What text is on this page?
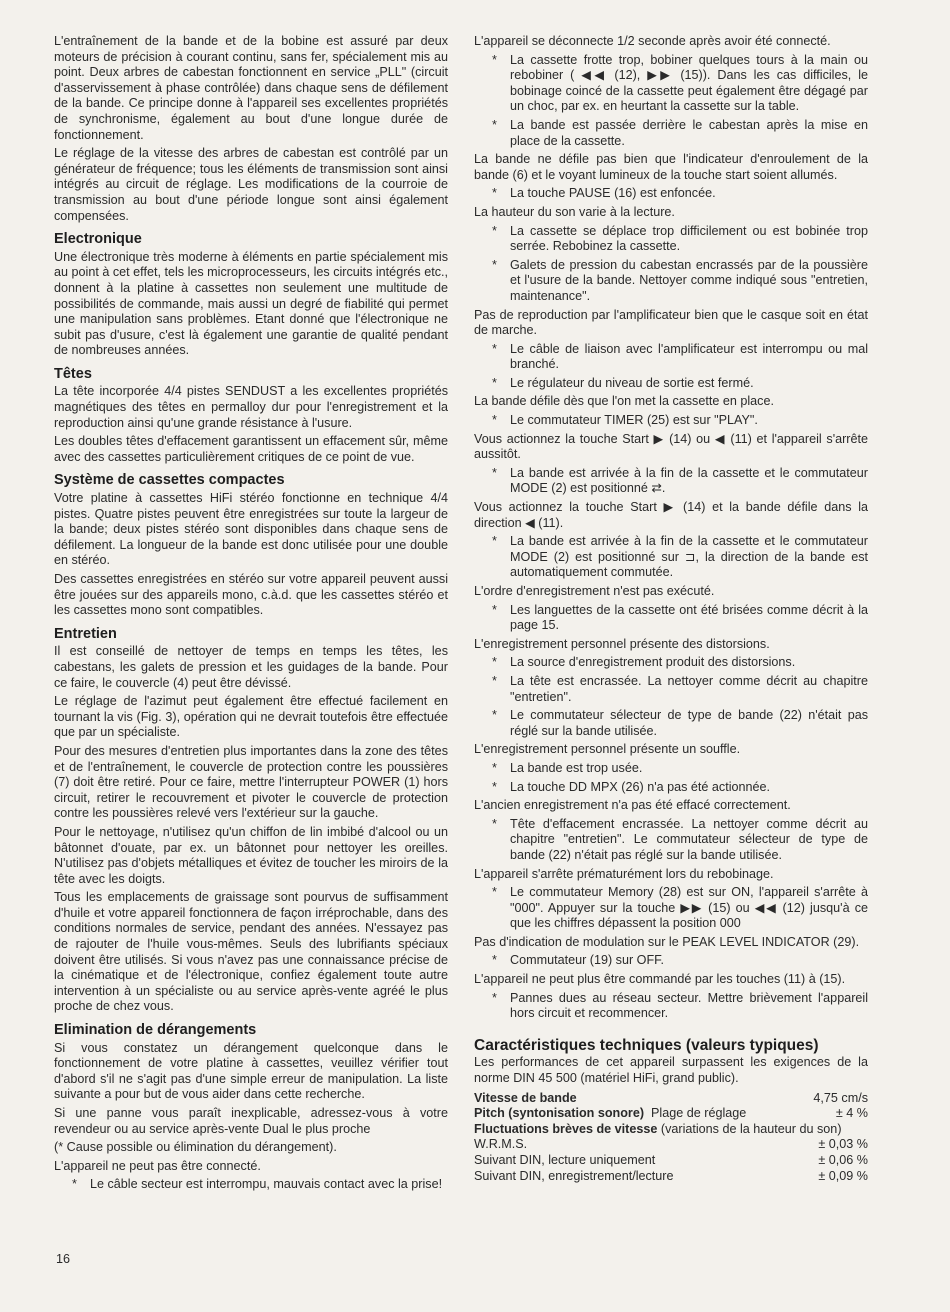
L'entraînement de la bande et de la bobine est assuré par deux moteurs de précision à courant continu, sans fer, spécialement mis au point. Deux arbres de cabestan fonctionnent en service „PLL" (circuit d'asservissement à phase contrôlée) dans chaque sens de défilement de la bande. Ce principe donne à l'appareil ses excellentes propriétés de synchronisme, également au bout d'une longue durée de fonctionnement.

Le réglage de la vitesse des arbres de cabestan est contrôlé par un générateur de fréquence; tous les éléments de transmission sont ainsi intégrés au circuit de réglage. Les modifications de la courroie de transmission au bout d'une période longue sont ainsi également compensées.

Electronique

Une électronique très moderne à éléments en partie spécialement mis au point à cet effet, tels les microprocesseurs, les circuits intégrés etc., donnent à la platine à cassettes non seulement une multitude de possibilités de commande, mais aussi un degré de fiabilité qui permet une manipulation sans problèmes. Etant donné que l'électronique ne subit pas d'usure, c'est là également une garantie de qualité pendant de nombreuses années.

Têtes

La tête incorporée 4/4 pistes SENDUST a les excellentes propriétés magnétiques des têtes en permalloy dur pour l'enregistrement et la reproduction ainsi qu'une grande résistance à l'usure.

Les doubles têtes d'effacement garantissent un effacement sûr, même avec des cassettes particulièrement critiques de ce point de vue.

Système de cassettes compactes

Votre platine à cassettes HiFi stéréo fonctionne en technique 4/4 pistes. Quatre pistes peuvent être enregistrées sur toute la largeur de la bande; deux pistes stéréo sont disponibles dans chaque sens de défilement. La longueur de la bande est donc utilisée pour une double en stéréo.

Des cassettes enregistrées en stéréo sur votre appareil peuvent aussi être jouées sur des appareils mono, c.à.d. que les cassettes stéréo et les cassettes mono sont compatibles.

Entretien

Il est conseillé de nettoyer de temps en temps les têtes, les cabestans, les galets de pression et les guidages de la bande. Pour ce faire, le couvercle (4) peut être dévissé.

Le réglage de l'azimut peut également être effectué facilement en tournant la vis (Fig. 3), opération qui ne devrait toutefois être effectuée que par un spécialiste.

Pour des mesures d'entretien plus importantes dans la zone des têtes et de l'entraînement, le couvercle de protection contre les poussières (7) doit être retiré. Pour ce faire, mettre l'interrupteur POWER (1) hors circuit, retirer le recouvrement et pivoter le couvercle de protection contre les poussières relevé vers l'extérieur sur la gauche.

Pour le nettoyage, n'utilisez qu'un chiffon de lin imbibé d'alcool ou un bâtonnet d'ouate, par ex. un bâtonnet pour nettoyer les oreilles. N'utilisez pas d'objets métalliques et évitez de toucher les miroirs de la tête avec les doigts.

Tous les emplacements de graissage sont pourvus de suffisamment d'huile et votre appareil fonctionnera de façon irréprochable, dans des conditions normales de service, pendant des années. N'essayez pas de rajouter de l'huile vous-mêmes. Seuls des lubrifiants spéciaux doivent être utilisés. Si vous n'avez pas une connaissance précise de la cinématique et de l'électronique, confiez également toute autre intervention à un spécialiste ou au service après-vente agréé le plus proche de chez vous.

Elimination de dérangements

Si vous constatez un dérangement quelconque dans le fonctionnement de votre platine à cassettes, veuillez vérifier tout d'abord s'il ne s'agit pas d'une simple erreur de manipulation. La liste suivante a pour but de vous aider dans cette recherche.

Si une panne vous paraît inexplicable, adressez-vous à votre revendeur ou au service après-vente Dual le plus proche

(* Cause possible ou élimination du dérangement).

L'appareil ne peut pas être connecté.

* Le câble secteur est interrompu, mauvais contact avec la prise!

L'appareil se déconnecte 1/2 seconde après avoir été connecté.

* La cassette frotte trop, bobiner quelques tours à la main ou rebobiner ( ◀◀ (12), ▶▶ (15)). Dans les cas difficiles, le bobinage coincé de la cassette peut également être dégagé par un choc, par ex. en heurtant la cassette sur la table.
* La bande est passée derrière le cabestan après la mise en place de la cassette.

La bande ne défile pas bien que l'indicateur d'enroulement de la bande (6) et le voyant lumineux de la touche start soient allumés.

* La touche PAUSE (16) est enfoncée.

La hauteur du son varie à la lecture.

* La cassette se déplace trop difficilement ou est bobinée trop serrée. Rebobinez la cassette.
* Galets de pression du cabestan encrassés par de la poussière et l'usure de la bande. Nettoyer comme indiqué sous "entretien, maintenance".

Pas de reproduction par l'amplificateur bien que le casque soit en état de marche.

* Le câble de liaison avec l'amplificateur est interrompu ou mal branché.
* Le régulateur du niveau de sortie est fermé.

La bande défile dès que l'on met la cassette en place.

* Le commutateur TIMER (25) est sur "PLAY".

Vous actionnez la touche Start ▶ (14) ou ◀ (11) et l'appareil s'arrête aussitôt.

* La bande est arrivée à la fin de la cassette et le commutateur MODE (2) est positionné ⇄.

Vous actionnez la touche Start ▶ (14) et la bande défile dans la direction ◀ (11).

* La bande est arrivée à la fin de la cassette et le commutateur MODE (2) est positionné sur ⊐, la direction de la bande est automatiquement commutée.

L'ordre d'enregistrement n'est pas exécuté.

* Les languettes de la cassette ont été brisées comme décrit à la page 15.

L'enregistrement personnel présente des distorsions.

* La source d'enregistrement produit des distorsions.
* La tête est encrassée. La nettoyer comme décrit au chapitre "entretien".
* Le commutateur sélecteur de type de bande (22) n'était pas réglé sur la bande utilisée.

L'enregistrement personnel présente un souffle.

* La bande est trop usée.
* La touche DD MPX (26) n'a pas été actionnée.

L'ancien enregistrement n'a pas été effacé correctement.

* Tête d'effacement encrassée. La nettoyer comme décrit au chapitre "entretien". Le commutateur sélecteur de type de bande (22) n'était pas réglé sur la bande utilisée.

L'appareil s'arrête prématurément lors du rebobinage.

* Le commutateur Memory (28) est sur ON, l'appareil s'arrête à "000". Appuyer sur la touche ▶▶ (15) ou ◀◀ (12) jusqu'à ce que les chiffres dépassent la position 000

Pas d'indication de modulation sur le PEAK LEVEL INDICATOR (29).

* Commutateur (19) sur OFF.

L'appareil ne peut plus être commandé par les touches (11) à (15).

* Pannes dues au réseau secteur. Mettre brièvement l'appareil hors circuit et recommencer.
Caractéristiques techniques (valeurs typiques)

Les performances de cet appareil surpassent les exigences de la norme DIN 45 500 (matériel HiFi, grand public).

Vitesse de bande	4,75 cm/s
Pitch (syntonisation sonore) Plage de réglage	± 4 %
Fluctuations brèves de vitesse (variations de la hauteur du son)
W.R.M.S.	± 0,03 %
Suivant DIN, lecture uniquement	± 0,06 %
Suivant DIN, enregistrement/lecture	± 0,09 %
16
